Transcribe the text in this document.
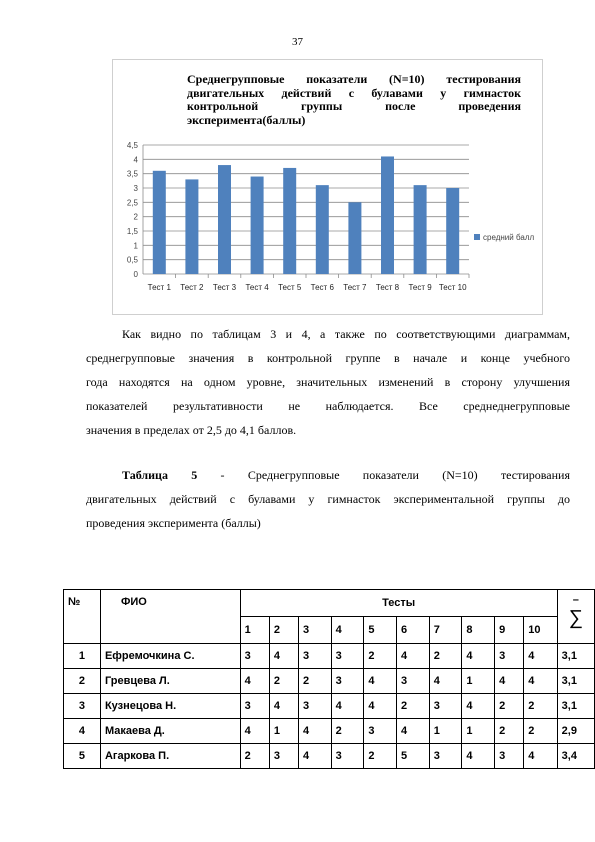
37
Среднегрупповые показатели (N=10) тестирования
двигательных действий с булавами у гимнасток
контрольной группы после проведения
эксперимента(баллы)
0
0,5
1
1,5
2
2,5
3
3,5
4
4,5
Тест 1 Тест 2 Тест 3 Тест 4 Тест 5 Тест 6 Тест 7 Тест 8 Тест 9 Тест 10
средний балл
Как видно по таблицам 3 и 4, а также по соответствующими диаграммам,
среднегрупповые значения в контрольной группе в начале и конце учебного
года находятся на одном уровне, значительных изменений в сторону улучшения
показателей результативности не наблюдается. Все среднеднегрупповые
значения в пределах от 2,5 до 4,1 баллов.
Таблица 5 - Среднегрупповые показатели (N=10) тестирования
двигательных действий с булавами у гимнасток экспериментальной группы до
проведения эксперимента (баллы)
№	ФИО	Тесты										–
∑

		1	2	3	4	5	6	7	8	9	10	
1	Ефремочкина С.	3	4	3	3	2	4	2	4	3	4	3,1
2	Гревцева Л.	4	2	2	3	4	3	4	1	4	4	3,1
3	Кузнецова Н.	3	4	3	4	4	2	3	4	2	2	3,1
4	Макаева Д.	4	1	4	2	3	4	1	1	2	2	2,9
5	Агаркова П.	2	3	4	3	2	5	3	4	3	4	3,4
